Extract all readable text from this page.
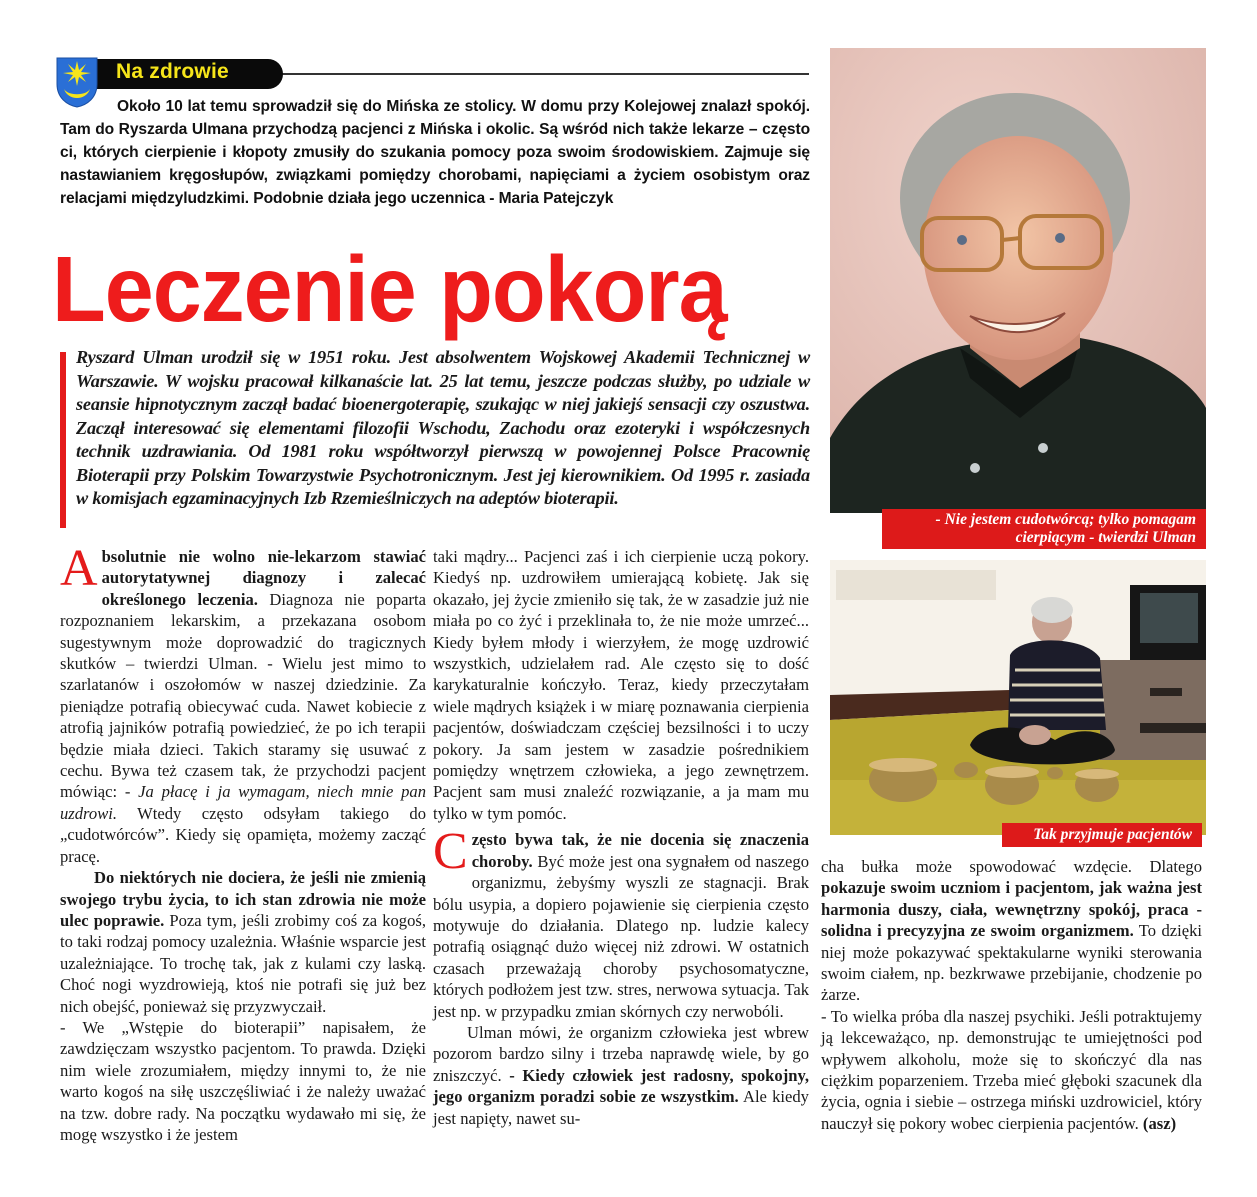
Na zdrowie

Około 10 lat temu sprowadził się do Mińska ze stolicy. W domu przy Kolejowej znalazł spokój. Tam do Ryszarda Ulmana przychodzą pacjenci z Mińska i okolic. Są wśród nich także lekarze – często ci, których cierpienie i kłopoty zmusiły do szukania pomocy poza swoim środowiskiem. Zajmuje się nastawianiem kręgosłupów, związkami pomiędzy chorobami, napięciami a życiem osobistym oraz relacjami międzyludzkimi. Podobnie działa jego uczennica - Maria Patejczyk

Leczenie pokorą

Ryszard Ulman urodził się w 1951 roku. Jest absolwentem Wojskowej Akademii Technicznej w Warszawie. W wojsku pracował kilkanaście lat. 25 lat temu, jeszcze podczas służby, po udziale w seansie hipnotycznym zaczął badać bioenergoterapię, szukając w niej jakiejś sensacji czy oszustwa. Zaczął interesować się elementami filozofii Wschodu, Zachodu oraz ezoteryki i współczesnych technik uzdrawiania. Od 1981 roku współtworzył pierwszą w powojennej Polsce Pracownię Bioterapii przy Polskim Towarzystwie Psychotronicznym. Jest jej kierownikiem. Od 1995 r. zasiada w komisjach egzaminacyjnych Izb Rzemieślniczych na adeptów bioterapii.

Absolutnie nie wolno nie-lekarzom stawiać autorytatywnej diagnozy i zalecać określonego leczenia. Diagnoza nie poparta rozpoznaniem lekarskim, a przekazana osobom sugestywnym może doprowadzić do tragicznych skutków – twierdzi Ulman. - Wielu jest mimo to szarlatanów i oszołomów w naszej dziedzinie. Za pieniądze potrafią obiecywać cuda. Nawet kobiecie z atrofią jajników potrafią powiedzieć, że po ich terapii będzie miała dzieci. Takich staramy się usuwać z cechu. Bywa też czasem tak, że przychodzi pacjent mówiąc: - Ja płacę i ja wymagam, niech mnie pan uzdrowi. Wtedy często odsyłam takiego do „cudotwórców”. Kiedy się opamięta, możemy zacząć pracę.

Do niektórych nie dociera, że jeśli nie zmienią swojego trybu życia, to ich stan zdrowia nie może ulec poprawie. Poza tym, jeśli zrobimy coś za kogoś, to taki rodzaj pomocy uzależnia. Właśnie wsparcie jest uzależniające. To trochę tak, jak z kulami czy laską. Choć nogi wyzdrowieją, ktoś nie potrafi się już bez nich obejść, ponieważ się przyzwyczaił.

- We „Wstępie do bioterapii” napisałem, że zawdzięczam wszystko pacjentom. To prawda. Dzięki nim wiele zrozumiałem, między innymi to, że nie warto kogoś na siłę uszczęśliwiać i że należy uważać na tzw. dobre rady. Na początku wydawało mi się, że mogę wszystko i że jestem

taki mądry... Pacjenci zaś i ich cierpienie uczą pokory. Kiedyś np. uzdrowiłem umierającą kobietę. Jak się okazało, jej życie zmieniło się tak, że w zasadzie już nie miała po co żyć i przeklinała to, że nie może umrzeć... Kiedy byłem młody i wierzyłem, że mogę uzdrowić wszystkich, udzielałem rad. Ale często się to dość karykaturalnie kończyło. Teraz, kiedy przeczytałam wiele mądrych książek i w miarę poznawania cierpienia pacjentów, doświadczam częściej bezsilności i to uczy pokory. Ja sam jestem w zasadzie pośrednikiem pomiędzy wnętrzem człowieka, a jego zewnętrzem. Pacjent sam musi znaleźć rozwiązanie, a ja mam mu tylko w tym pomóc.

Często bywa tak, że nie docenia się znaczenia choroby. Być może jest ona sygnałem od naszego organizmu, żebyśmy wyszli ze stagnacji. Brak bólu usypia, a dopiero pojawienie się cierpienia często motywuje do działania. Dlatego np. ludzie kalecy potrafią osiągnąć dużo więcej niż zdrowi. W ostatnich czasach przeważają choroby psychosomatyczne, których podłożem jest tzw. stres, nerwowa sytuacja. Tak jest np. w przypadku zmian skórnych czy nerwobóli.

Ulman mówi, że organizm człowieka jest wbrew pozorom bardzo silny i trzeba naprawdę wiele, by go zniszczyć. - Kiedy człowiek jest radosny, spokojny, jego organizm poradzi sobie ze wszystkim. Ale kiedy jest napięty, nawet su-

cha bułka może spowodować wzdęcie. Dlatego pokazuje swoim uczniom i pacjentom, jak ważna jest harmonia duszy, ciała, wewnętrzny spokój, praca - solidna i precyzyjna ze swoim organizmem. To dzięki niej może pokazywać spektakularne wyniki sterowania swoim ciałem, np. bezkrwawe przebijanie, chodzenie po żarze.

- To wielka próba dla naszej psychiki. Jeśli potraktujemy ją lekceważąco, np. demonstrując te umiejętności pod wpływem alkoholu, może się to skończyć dla nas ciężkim poparzeniem. Trzeba mieć głęboki szacunek dla życia, ognia i siebie – ostrzega miński uzdrowiciel, który nauczył się pokory wobec cierpienia pacjentów. (asz)

- Nie jestem cudotwórcą; tylko pomagam cierpiącym - twierdzi Ulman
Tak przyjmuje pacjentów
